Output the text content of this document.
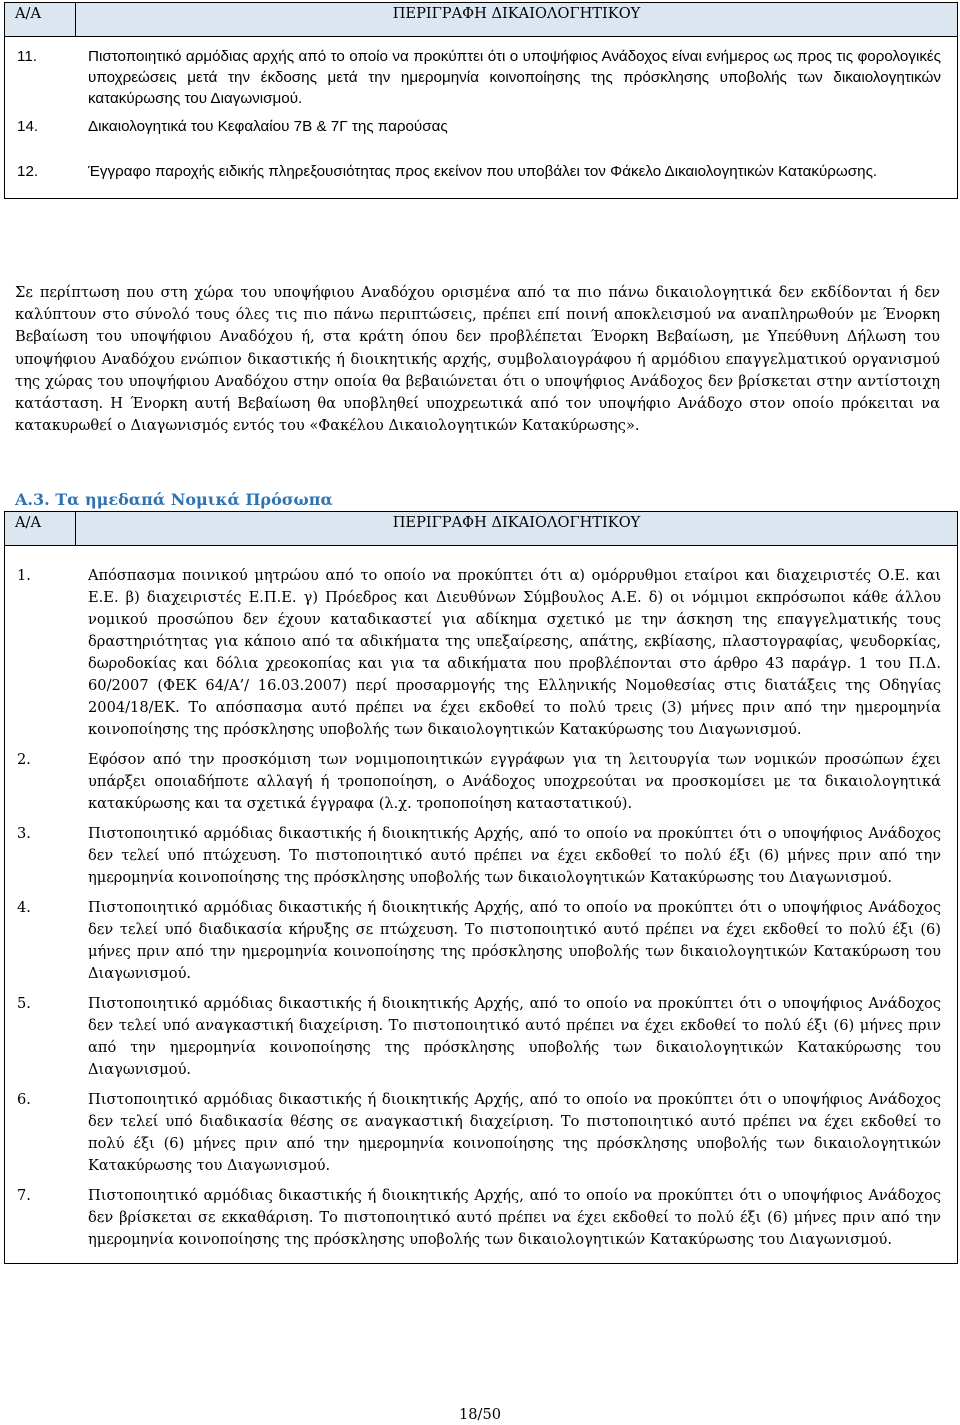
Α/Α	ΠΕΡΙΓΡΑΦΗ ΔΙΚΑΙΟΛΟΓΗΤΙΚΟΥ

11.	Πιστοποιητικό αρμόδιας αρχής από το οποίο να προκύπτει ότι ο υποψήφιος Ανάδοχος είναι ενήμερος ως προς τις φορολογικές υποχρεώσεις μετά την έκδοσης μετά την ημερομηνία κοινοποίησης της πρόσκλησης υποβολής των δικαιολογητικών κατακύρωσης του Διαγωνισμού.
14.	Δικαιολογητικά του Κεφαλαίου 7Β & 7Γ της παρούσας
12.	Έγγραφο παροχής ειδικής πληρεξουσιότητας προς εκείνον που υποβάλει τον Φάκελο Δικαιολογητικών Κατακύρωσης.
Σε περίπτωση που στη χώρα του υποψήφιου Αναδόχου ορισμένα από τα πιο πάνω δικαιολογητικά δεν εκδίδονται ή δεν καλύπτουν στο σύνολό τους όλες τις πιο πάνω περιπτώσεις, πρέπει επί ποινή αποκλεισμού να αναπληρωθούν με Ένορκη Βεβαίωση του υποψήφιου Αναδόχου ή, στα κράτη όπου δεν προβλέπεται Ένορκη Βεβαίωση, με Υπεύθυνη Δήλωση του υποψήφιου Αναδόχου ενώπιον δικαστικής ή διοικητικής αρχής, συμβολαιογράφου ή αρμόδιου επαγγελματικού οργανισμού της χώρας του υποψήφιου Αναδόχου στην οποία θα βεβαιώνεται ότι ο υποψήφιος Ανάδοχος δεν βρίσκεται στην αντίστοιχη κατάσταση. Η Ένορκη αυτή Βεβαίωση θα υποβληθεί υποχρεωτικά από τον υποψήφιο Ανάδοχο στον οποίο πρόκειται να κατακυρωθεί ο Διαγωνισμός εντός του «Φακέλου Δικαιολογητικών Κατακύρωσης».
Α.3. Τα ημεδαπά Νομικά Πρόσωπα
Α/Α	ΠΕΡΙΓΡΑΦΗ ΔΙΚΑΙΟΛΟΓΗΤΙΚΟΥ

1.	Απόσπασμα ποινικού μητρώου από το οποίο να προκύπτει ότι α) ομόρρυθμοι εταίροι και διαχειριστές Ο.Ε. και Ε.Ε. β) διαχειριστές Ε.Π.Ε. γ) Πρόεδρος και Διευθύνων Σύμβουλος Α.Ε. δ) οι νόμιμοι εκπρόσωποι κάθε άλλου νομικού προσώπου δεν έχουν καταδικαστεί για αδίκημα σχετικό με την άσκηση της επαγγελματικής τους δραστηριότητας για κάποιο από τα αδικήματα της υπεξαίρεσης, απάτης, εκβίασης, πλαστογραφίας, ψευδορκίας, δωροδοκίας και δόλια χρεοκοπίας και για τα αδικήματα που προβλέπονται στο άρθρο 43 παράγρ. 1 του Π.Δ. 60/2007 (ΦΕΚ 64/Α’/ 16.03.2007) περί προσαρμογής της Ελληνικής Νομοθεσίας στις διατάξεις της Οδηγίας 2004/18/ΕΚ. Το απόσπασμα αυτό πρέπει να έχει εκδοθεί το πολύ τρεις (3) μήνες πριν από την ημερομηνία κοινοποίησης της πρόσκλησης υποβολής των δικαιολογητικών Κατακύρωσης του Διαγωνισμού.
2.	Εφόσον από την προσκόμιση των νομιμοποιητικών εγγράφων για τη λειτουργία των νομικών προσώπων έχει υπάρξει οποιαδήποτε αλλαγή ή τροποποίηση, ο Ανάδοχος υποχρεούται να προσκομίσει με τα δικαιολογητικά κατακύρωσης και τα σχετικά έγγραφα (λ.χ. τροποποίηση καταστατικού).
3.	Πιστοποιητικό αρμόδιας δικαστικής ή διοικητικής Αρχής, από το οποίο να προκύπτει ότι ο υποψήφιος Ανάδοχος δεν τελεί υπό πτώχευση. Το πιστοποιητικό αυτό πρέπει να έχει εκδοθεί το πολύ έξι (6) μήνες πριν από την ημερομηνία κοινοποίησης της πρόσκλησης υποβολής των δικαιολογητικών Κατακύρωσης του Διαγωνισμού.
4.	Πιστοποιητικό αρμόδιας δικαστικής ή διοικητικής Αρχής, από το οποίο να προκύπτει ότι ο υποψήφιος Ανάδοχος δεν τελεί υπό διαδικασία κήρυξης σε πτώχευση. Το πιστοποιητικό αυτό πρέπει να έχει εκδοθεί το πολύ έξι (6) μήνες πριν από την ημερομηνία κοινοποίησης της πρόσκλησης υποβολής των δικαιολογητικών Κατακύρωση του Διαγωνισμού.
5.	Πιστοποιητικό αρμόδιας δικαστικής ή διοικητικής Αρχής, από το οποίο να προκύπτει ότι ο υποψήφιος Ανάδοχος δεν τελεί υπό αναγκαστική διαχείριση. Το πιστοποιητικό αυτό πρέπει να έχει εκδοθεί το πολύ έξι (6) μήνες πριν από την ημερομηνία κοινοποίησης της πρόσκλησης υποβολής των δικαιολογητικών Κατακύρωσης του Διαγωνισμού.
6.	Πιστοποιητικό αρμόδιας δικαστικής ή διοικητικής Αρχής, από το οποίο να προκύπτει ότι ο υποψήφιος Ανάδοχος δεν τελεί υπό διαδικασία θέσης σε αναγκαστική διαχείριση. Το πιστοποιητικό αυτό πρέπει να έχει εκδοθεί το πολύ έξι (6) μήνες πριν από την ημερομηνία κοινοποίησης της πρόσκλησης υποβολής των δικαιολογητικών Κατακύρωσης του Διαγωνισμού.
7.	Πιστοποιητικό αρμόδιας δικαστικής ή διοικητικής Αρχής, από το οποίο να προκύπτει ότι ο υποψήφιος Ανάδοχος δεν βρίσκεται σε εκκαθάριση. Το πιστοποιητικό αυτό πρέπει να έχει εκδοθεί το πολύ έξι (6) μήνες πριν από την ημερομηνία κοινοποίησης της πρόσκλησης υποβολής των δικαιολογητικών Κατακύρωσης του Διαγωνισμού.
18/50
